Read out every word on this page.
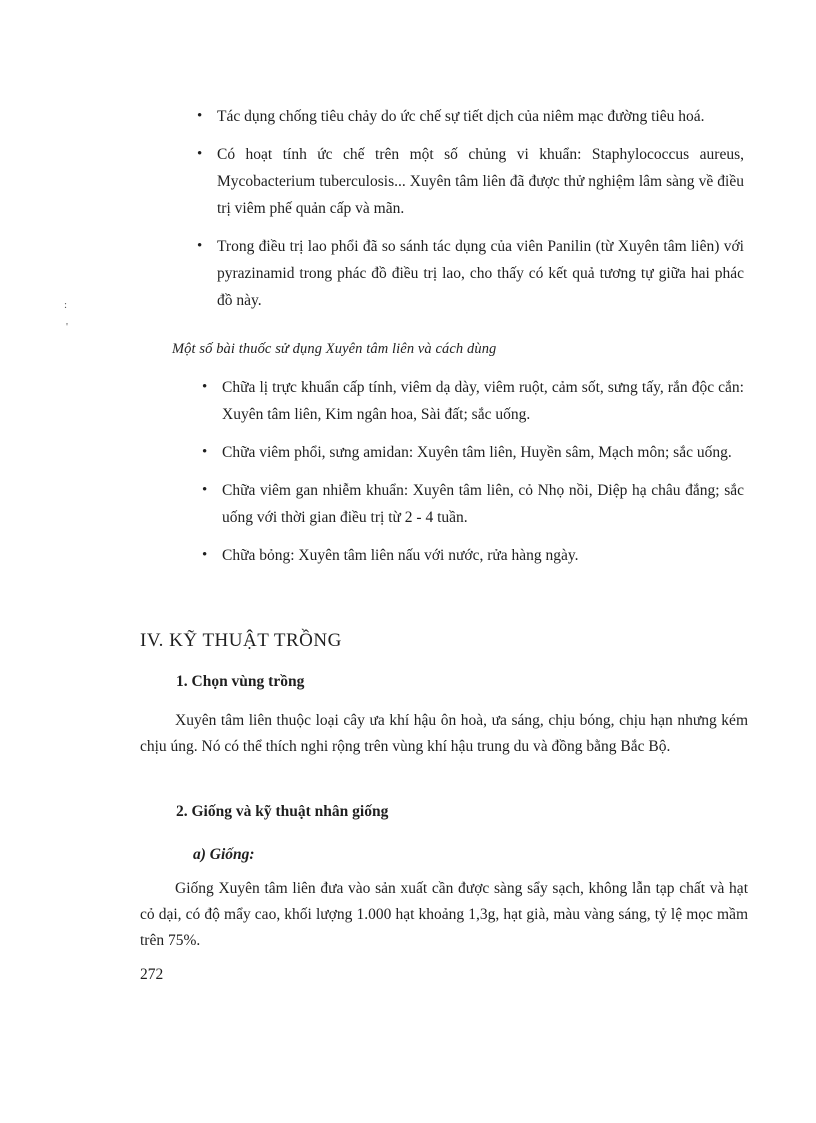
• Tác dụng chống tiêu chảy do ức chế sự tiết dịch của niêm mạc đường tiêu hoá.
• Có hoạt tính ức chế trên một số chủng vi khuẩn: Staphylococcus aureus, Mycobacterium tuberculosis... Xuyên tâm liên đã được thử nghiệm lâm sàng về điều trị viêm phế quản cấp và mãn.
• Trong điều trị lao phổi đã so sánh tác dụng của viên Panilin (từ Xuyên tâm liên) với pyrazinamid trong phác đồ điều trị lao, cho thấy có kết quả tương tự giữa hai phác đồ này.
:
'
Một số bài thuốc sử dụng Xuyên tâm liên và cách dùng
• Chữa lị trực khuẩn cấp tính, viêm dạ dày, viêm ruột, cảm sốt, sưng tấy, rắn độc cắn: Xuyên tâm liên, Kim ngân hoa, Sài đất; sắc uống.
• Chữa viêm phổi, sưng amidan: Xuyên tâm liên, Huyền sâm, Mạch môn; sắc uống.
• Chữa viêm gan nhiễm khuẩn: Xuyên tâm liên, cỏ Nhọ nồi, Diệp hạ châu đắng; sắc uống với thời gian điều trị từ 2 - 4 tuần.
• Chữa bỏng: Xuyên tâm liên nấu với nước, rửa hàng ngày.
IV. KỸ THUẬT TRỒNG
1. Chọn vùng trồng

Xuyên tâm liên thuộc loại cây ưa khí hậu ôn hoà, ưa sáng, chịu bóng, chịu hạn nhưng kém chịu úng. Nó có thể thích nghi rộng trên vùng khí hậu trung du và đồng bằng Bắc Bộ.

2. Giống và kỹ thuật nhân giống
a) Giống:

Giống Xuyên tâm liên đưa vào sản xuất cần được sàng sẩy sạch, không lẫn tạp chất và hạt cỏ dại, có độ mẩy cao, khối lượng 1.000 hạt khoảng 1,3g, hạt già, màu vàng sáng, tỷ lệ mọc mầm trên 75%.

272
